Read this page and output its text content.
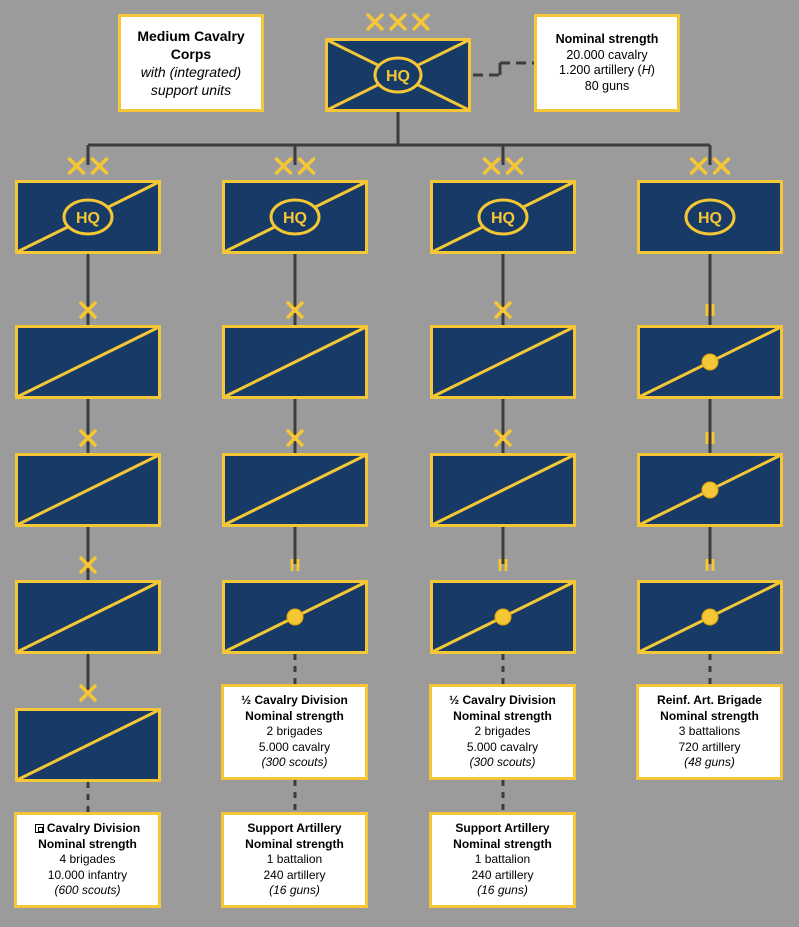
HQ
HQ	HQ	HQ	HQ
Medium Cavalry
Corps
with (integrated)
support units
Nominal strength
20.000 cavalry
1.200 artillery (H)
80 guns
Cavalry Division
Nominal strength
4 brigades
10.000 infantry
(600 scouts)
½ Cavalry Division
Nominal strength
2 brigades
5.000 cavalry
(300 scouts)
Support Artillery
Nominal strength
1 battalion
240 artillery
(16 guns)
½ Cavalry Division
Nominal strength
2 brigades
5.000 cavalry
(300 scouts)
Support Artillery
Nominal strength
1 battalion
240 artillery
(16 guns)
Reinf. Art. Brigade
Nominal strength
3 battalions
720 artillery
(48 guns)
